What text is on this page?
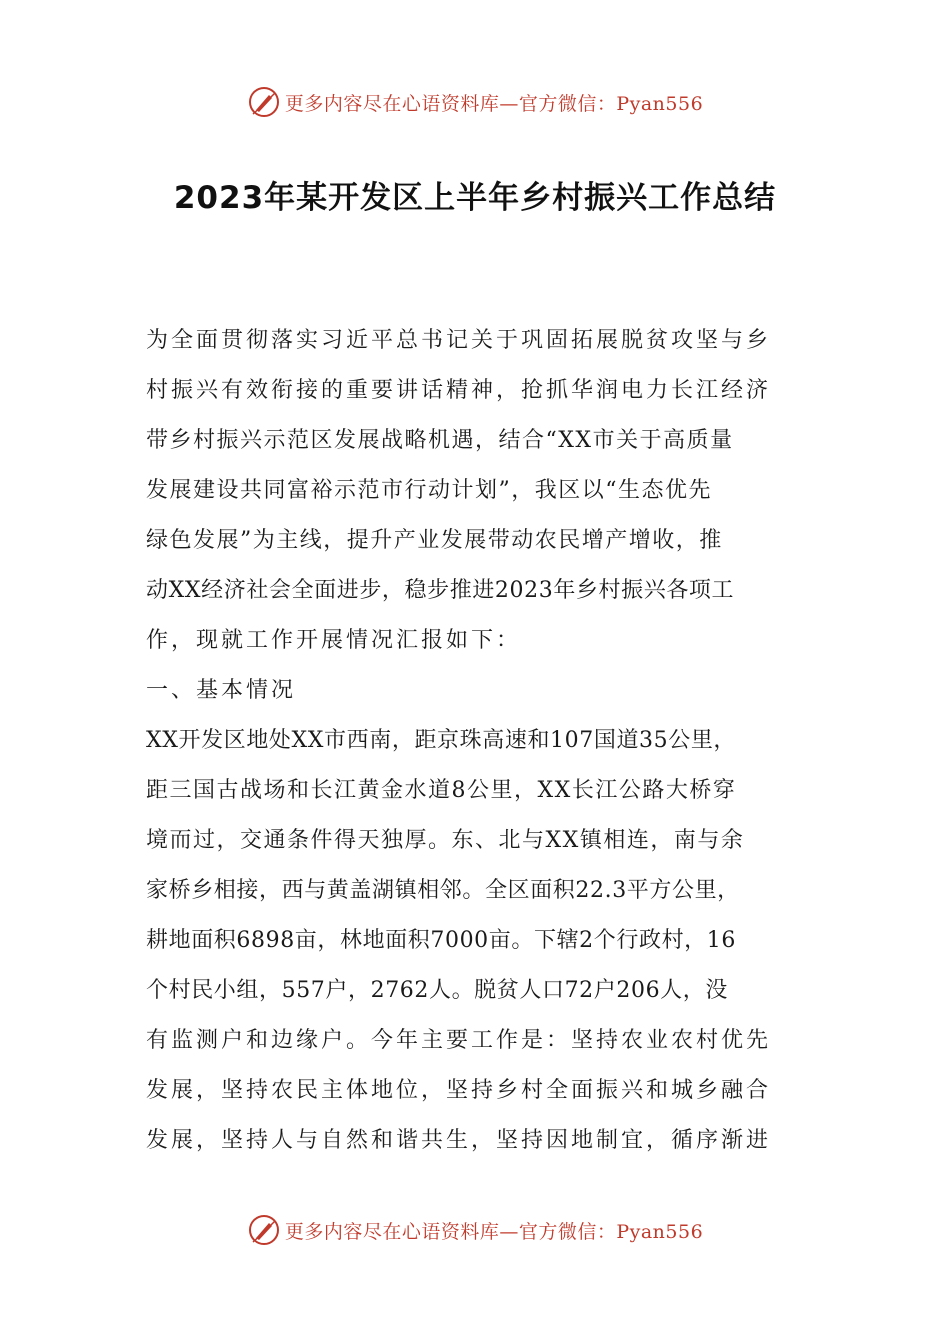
更多内容尽在心语资料库—官方微信：Pyan556
2023年某开发区上半年乡村振兴工作总结
为全面贯彻落实习近平总书记关于巩固拓展脱贫攻坚与乡
村振兴有效衔接的重要讲话精神，抢抓华润电力长江经济
带乡村振兴示范区发展战略机遇，结合“XX市关于高质量
发展建设共同富裕示范市行动计划”，我区以“生态优先
绿色发展”为主线，提升产业发展带动农民增产增收，推
动XX经济社会全面进步，稳步推进2023年乡村振兴各项工
作，现就工作开展情况汇报如下：
一、基本情况
XX开发区地处XX市西南，距京珠高速和107国道35公里，
距三国古战场和长江黄金水道8公里，XX长江公路大桥穿
境而过，交通条件得天独厚。东、北与XX镇相连，南与余
家桥乡相接，西与黄盖湖镇相邻。全区面积22.3平方公里，
耕地面积6898亩，林地面积7000亩。下辖2个行政村，16
个村民小组，557户，2762人。脱贫人口72户206人，没
有监测户和边缘户。今年主要工作是：坚持农业农村优先
发展，坚持农民主体地位，坚持乡村全面振兴和城乡融合
发展，坚持人与自然和谐共生，坚持因地制宜，循序渐进
更多内容尽在心语资料库—官方微信：Pyan556
